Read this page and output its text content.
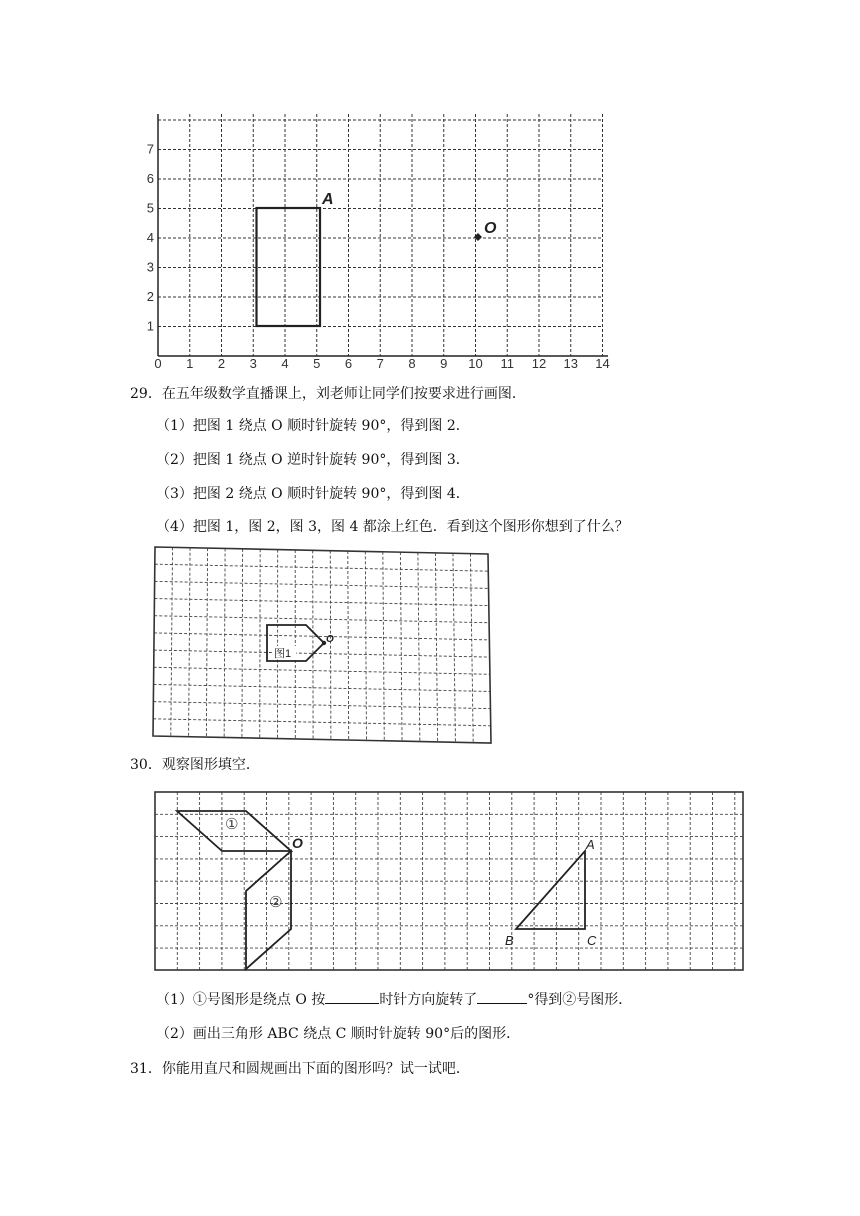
0 1 2 3 4 5 6 7 8 9 10 11 12 13 14
1
2
3
4
5
6
7
A
O
29．在五年级数学直播课上，刘老师让同学们按要求进行画图．
（1）把图 1 绕点 O 顺时针旋转 90°，得到图 2．
（2）把图 1 绕点 O 逆时针旋转 90°，得到图 3．
（3）把图 2 绕点 O 顺时针旋转 90°，得到图 4．
（4）把图 1，图 2，图 3，图 4 都涂上红色．看到这个图形你想到了什么？
O
图1
30．观察图形填空．
①
②
O	A
B	C
（1）①号图形是绕点 O 按	时针方向旋转了	°得到②号图形．
（2）画出三角形 ABC 绕点 C 顺时针旋转 90°后的图形．
31．你能用直尺和圆规画出下面的图形吗？试一试吧．
